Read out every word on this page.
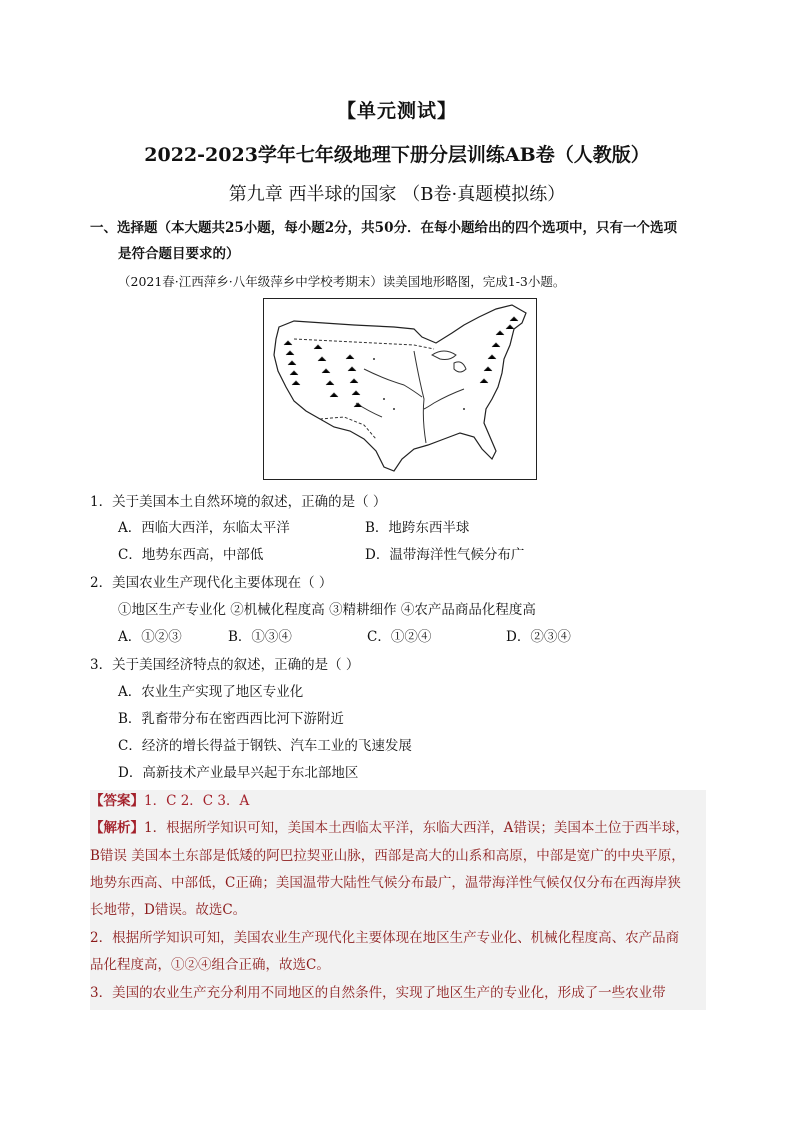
【单元测试】
2022-2023学年七年级地理下册分层训练AB卷（人教版）
第九章 西半球的国家 （B卷·真题模拟练）
一、选择题（本大题共25小题，每小题2分，共50分．在每小题给出的四个选项中，只有一个选项
是符合题目要求的）
（2021春·江西萍乡·八年级萍乡中学校考期末）读美国地形略图，完成1-3小题。
1．关于美国本土自然环境的叙述，正确的是（ ）
A．西临大西洋，东临太平洋	B．地跨东西半球
C．地势东西高，中部低	D．温带海洋性气候分布广
2．美国农业生产现代化主要体现在（ ）
①地区生产专业化 ②机械化程度高 ③精耕细作 ④农产品商品化程度高
A．①②③	B．①③④	C．①②④	D．②③④
3．关于美国经济特点的叙述，正确的是（ ）
A．农业生产实现了地区专业化
B．乳畜带分布在密西西比河下游附近
C．经济的增长得益于钢铁、汽车工业的飞速发展
D．高新技术产业最早兴起于东北部地区
【答案】1．C 2．C 3．A
【解析】1．根据所学知识可知，美国本土西临太平洋，东临大西洋，A错误；美国本土位于西半球，
B错误 美国本土东部是低矮的阿巴拉契亚山脉，西部是高大的山系和高原，中部是宽广的中央平原，
地势东西高、中部低，C正确；美国温带大陆性气候分布最广，温带海洋性气候仅仅分布在西海岸狭
长地带，D错误。故选C。
2．根据所学知识可知，美国农业生产现代化主要体现在地区生产专业化、机械化程度高、农产品商
品化程度高，①②④组合正确，故选C。
3．美国的农业生产充分利用不同地区的自然条件，实现了地区生产的专业化，形成了一些农业带
